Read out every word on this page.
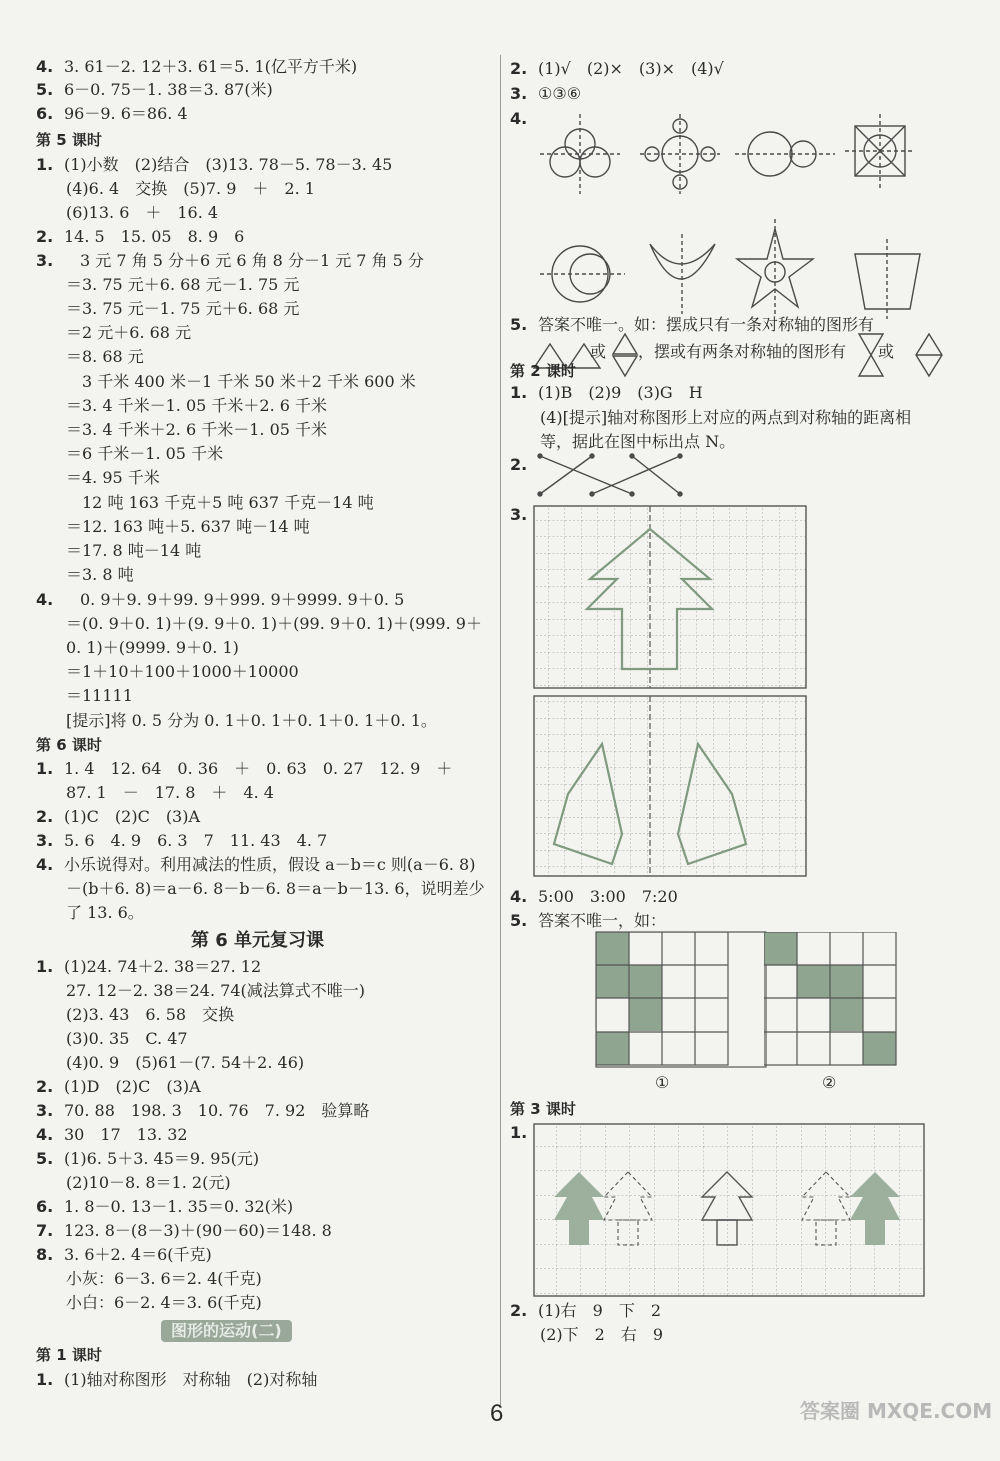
4. 3. 61－2. 12＋3. 61＝5. 1(亿平方千米)
5. 6－0. 75－1. 38＝3. 87(米)
6. 96－9. 6＝86. 4
第 5 课时
1. (1)小数　(2)结合　(3)13. 78－5. 78－3. 45
(4)6. 4　交换　(5)7. 9　＋　2. 1
(6)13. 6　＋　16. 4
2. 14. 5　15. 05　8. 9　6
3.　3 元 7 角 5 分＋6 元 6 角 8 分－1 元 7 角 5 分
＝3. 75 元＋6. 68 元－1. 75 元
＝3. 75 元－1. 75 元＋6. 68 元
＝2 元＋6. 68 元
＝8. 68 元
　3 千米 400 米－1 千米 50 米＋2 千米 600 米
＝3. 4 千米－1. 05 千米＋2. 6 千米
＝3. 4 千米＋2. 6 千米－1. 05 千米
＝6 千米－1. 05 千米
＝4. 95 千米
　12 吨 163 千克＋5 吨 637 千克－14 吨
＝12. 163 吨＋5. 637 吨－14 吨
＝17. 8 吨－14 吨
＝3. 8 吨
4.　0. 9＋9. 9＋99. 9＋999. 9＋9999. 9＋0. 5
＝(0. 9＋0. 1)＋(9. 9＋0. 1)＋(99. 9＋0. 1)＋(999. 9＋
0. 1)＋(9999. 9＋0. 1)
＝1＋10＋100＋1000＋10000
＝11111
[提示]将 0. 5 分为 0. 1＋0. 1＋0. 1＋0. 1＋0. 1。
第 6 课时
1. 1. 4　12. 64　0. 36　＋　0. 63　0. 27　12. 9　＋
87. 1　－　17. 8　＋　4. 4
2. (1)C　(2)C　(3)A
3. 5. 6　4. 9　6. 3　7　11. 43　4. 7
4. 小乐说得对。利用减法的性质，假设 a－b＝c 则(a－6. 8)
－(b＋6. 8)＝a－6. 8－b－6. 8＝a－b－13. 6，说明差少
了 13. 6。
第 6 单元复习课
1. (1)24. 74＋2. 38＝27. 12
27. 12－2. 38＝24. 74(减法算式不唯一)
(2)3. 43　6. 58　交换
(3)0. 35　C. 47
(4)0. 9　(5)61－(7. 54＋2. 46)
2. (1)D　(2)C　(3)A
3. 70. 88　198. 3　10. 76　7. 92　验算略
4. 30　17　13. 32
5. (1)6. 5＋3. 45＝9. 95(元)
(2)10－8. 8＝1. 2(元)
6. 1. 8－0. 13－1. 35＝0. 32(米)
7. 123. 8－(8－3)＋(90－60)＝148. 8
8. 3. 6＋2. 4＝6(千克)
小灰：6－3. 6＝2. 4(千克)
小白：6－2. 4＝3. 6(千克)
图形的运动(二)
第 1 课时
1. (1)轴对称图形　对称轴　(2)对称轴
2. (1)√　(2)×　(3)×　(4)√
3. ①③⑥
4.
5. 答案不唯一。如：摆成只有一条对称轴的图形有
或　　，摆或有两条对称轴的图形有　　或
第 2 课时
1. (1)B　(2)9　(3)G　H
(4)[提示]轴对称图形上对应的两点到对称轴的距离相
等，据此在图中标出点 N。
2.
3.
4. 5:00　3:00　7:20
5. 答案不唯一，如：
①	②
第 3 课时
1.
2. (1)右　9　下　2
(2)下　2　右　9
6	答案圈 MXQE.COM
